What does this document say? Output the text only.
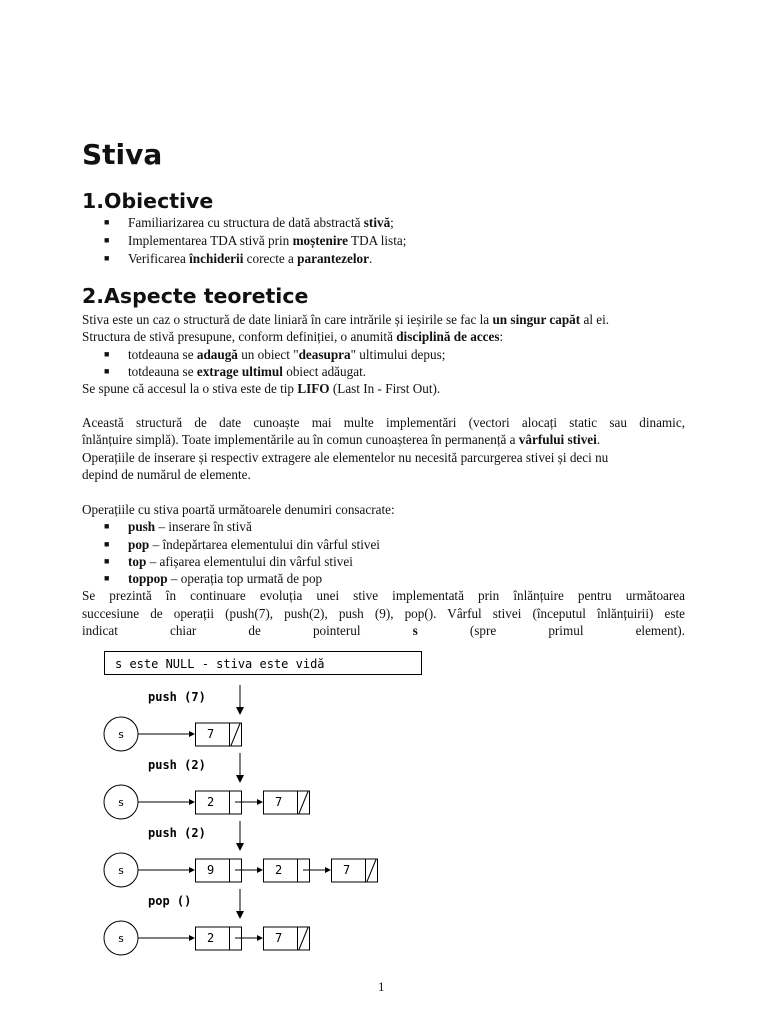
Stiva
1.Obiective
■ Familiarizarea cu structura de dată abstractă stivă;
■ Implementarea TDA stivă prin moștenire TDA lista;
■ Verificarea închiderii corecte a parantezelor.
2.Aspecte teoretice
Stiva este un caz o structură de date liniară în care intrările și ieșirile se fac la un singur capăt al ei.
Structura de stivă presupune, conform definiției, o anumită disciplină de acces:
■ totdeauna se adaugă un obiect "deasupra" ultimului depus;
■ totdeauna se extrage ultimul obiect adăugat.
Se spune că accesul la o stiva este de tip LIFO (Last In - First Out).
Această structură de date cunoaște mai multe implementări (vectori alocați static sau dinamic,
înlănțuire simplă). Toate implementările au în comun cunoașterea în permanență a vârfului stivei.
Operațiile de inserare și respectiv extragere ale elementelor nu necesită parcurgerea stivei și deci nu
depind de numărul de elemente.
Operațiile cu stiva poartă următoarele denumiri consacrate:
■ push – inserare în stivă
■ pop – îndepărtarea elementului din vârful stivei
■ top – afișarea elementului din vârful stivei
■ toppop – operația top urmată de pop
Se prezintă în continuare evoluția unei stive implementată prin înlănțuire pentru următoarea
succesiune de operații (push(7), push(2), push (9), pop(). Vârful stivei (începutul înlănțuirii) este
indicat	chiar	de	pointerul	s	(spre	primul	element).
s este NULL - stiva este vidă
push (7)
s	7
push (2)
s	2	7
push (2)
s	9	2	7
pop ()
s	2	7
1
